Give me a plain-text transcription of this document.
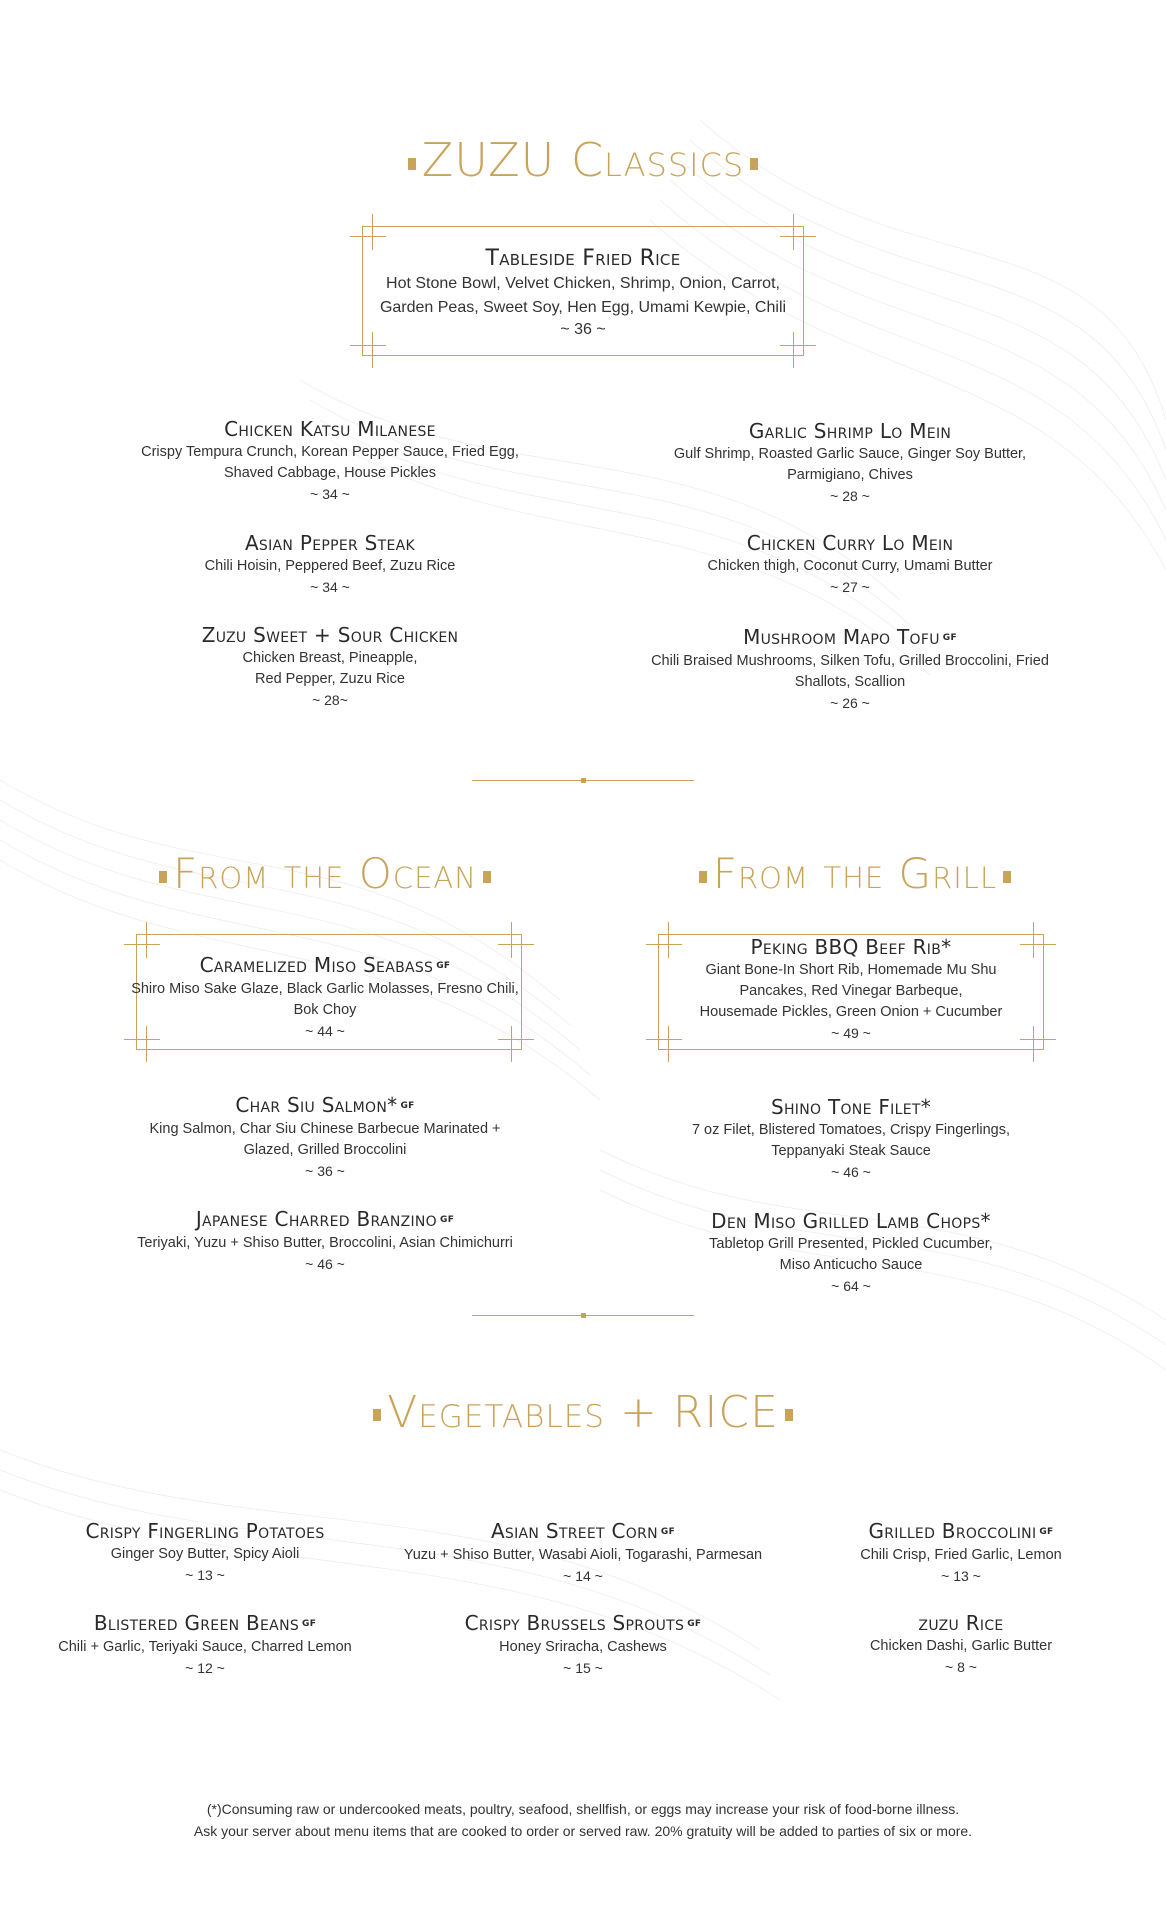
ZUZU Classics
Tableside Fried Rice
Hot Stone Bowl, Velvet Chicken, Shrimp, Onion, Carrot,
Garden Peas, Sweet Soy, Hen Egg, Umami Kewpie, Chili
~ 36 ~
Chicken Katsu Milanese
Crispy Tempura Crunch, Korean Pepper Sauce, Fried Egg,
Shaved Cabbage, House Pickles
~ 34 ~
Asian Pepper Steak
Chili Hoisin, Peppered Beef, Zuzu Rice
~ 34 ~
Zuzu Sweet + Sour Chicken
Chicken Breast, Pineapple,
Red Pepper, Zuzu Rice
~ 28~
Garlic Shrimp Lo Mein
Gulf Shrimp, Roasted Garlic Sauce, Ginger Soy Butter,
Parmigiano, Chives
~ 28 ~
Chicken Curry Lo Mein
Chicken thigh, Coconut Curry, Umami Butter
~ 27 ~
Mushroom Mapo Tofu $^{GF}$
Chili Braised Mushrooms, Silken Tofu, Grilled Broccolini, Fried
Shallots, Scallion
~ 26 ~
From the Ocean	From the Grill
Caramelized Miso Seabass $^{GF}$
Shiro Miso Sake Glaze, Black Garlic Molasses, Fresno Chili,
Bok Choy
~ 44 ~
Peking BBQ Beef Rib*
Giant Bone-In Short Rib, Homemade Mu Shu
Pancakes, Red Vinegar Barbeque,
Housemade Pickles, Green Onion + Cucumber
~ 49 ~
Char Siu Salmon* $^{GF}$
King Salmon, Char Siu Chinese Barbecue Marinated +
Glazed, Grilled Broccolini
~ 36 ~
Japanese Charred Branzino $^{GF}$
Teriyaki, Yuzu + Shiso Butter, Broccolini, Asian Chimichurri
~ 46 ~
Shino Tone Filet*
7 oz Filet, Blistered Tomatoes, Crispy Fingerlings,
Teppanyaki Steak Sauce
~ 46 ~
Den Miso Grilled Lamb Chops*
Tabletop Grill Presented, Pickled Cucumber,
Miso Anticucho Sauce
~ 64 ~
Vegetables + RICE
Crispy Fingerling Potatoes
Ginger Soy Butter, Spicy Aioli
~ 13 ~
Blistered Green Beans $^{GF}$
Chili + Garlic, Teriyaki Sauce, Charred Lemon
~ 12 ~
Asian Street Corn $^{GF}$
Yuzu + Shiso Butter, Wasabi Aioli, Togarashi, Parmesan
~ 14 ~
Crispy Brussels Sprouts $^{GF}$
Honey Sriracha, Cashews
~ 15 ~
Grilled Broccolini $^{GF}$
Chili Crisp, Fried Garlic, Lemon
~ 13 ~
zuzu Rice
Chicken Dashi, Garlic Butter
~ 8 ~
(*)Consuming raw or undercooked meats, poultry, seafood, shellfish, or eggs may increase your risk of food-borne illness.
Ask your server about menu items that are cooked to order or served raw. 20% gratuity will be added to parties of six or more.
